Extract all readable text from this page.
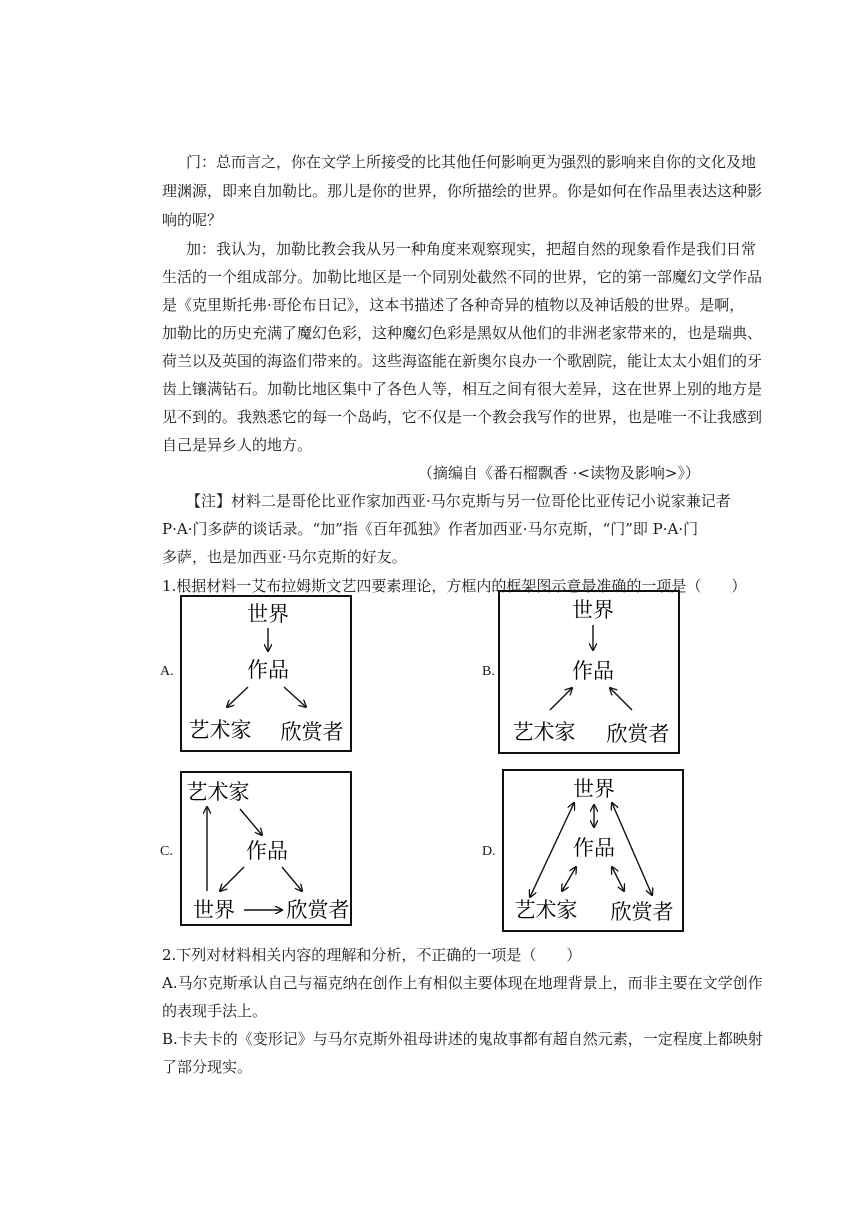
门：总而言之，你在文学上所接受的比其他任何影响更为强烈的影响来自你的文化及地
理渊源，即来自加勒比。那儿是你的世界，你所描绘的世界。你是如何在作品里表达这种影
响的呢？
加：我认为，加勒比教会我从另一种角度来观察现实，把超自然的现象看作是我们日常
生活的一个组成部分。加勒比地区是一个同别处截然不同的世界，它的第一部魔幻文学作品
是《克里斯托弗·哥伦布日记》，这本书描述了各种奇异的植物以及神话般的世界。是啊，
加勒比的历史充满了魔幻色彩，这种魔幻色彩是黑奴从他们的非洲老家带来的，也是瑞典、
荷兰以及英国的海盗们带来的。这些海盗能在新奥尔良办一个歌剧院，能让太太小姐们的牙
齿上镶满钻石。加勒比地区集中了各色人等，相互之间有很大差异，这在世界上别的地方是
见不到的。我熟悉它的每一个岛屿，它不仅是一个教会我写作的世界，也是唯一不让我感到
自己是异乡人的地方。
（摘编自《番石榴飘香 ·<读物及影响>》）
【注】材料二是哥伦比亚作家加西亚·马尔克斯与另一位哥伦比亚传记小说家兼记者
P·A·门多萨的谈话录。“加”指《百年孤独》作者加西亚·马尔克斯，“门”即 P·A·门
多萨，也是加西亚·马尔克斯的好友。
1.根据材料一艾布拉姆斯文艺四要素理论，方框内的框架图示意最准确的一项是（　　）
A.
世界
作品
艺术家 欣赏者
B.
世界
作品
艺术家 欣赏者
C.
艺术家
作品
世界 欣赏者
D.
世界
作品
艺术家 欣赏者
2.下列对材料相关内容的理解和分析，不正确的一项是（　　）
A.马尔克斯承认自己与福克纳在创作上有相似主要体现在地理背景上，而非主要在文学创作
的表现手法上。
B.卡夫卡的《变形记》与马尔克斯外祖母讲述的鬼故事都有超自然元素，一定程度上都映射
了部分现实。
